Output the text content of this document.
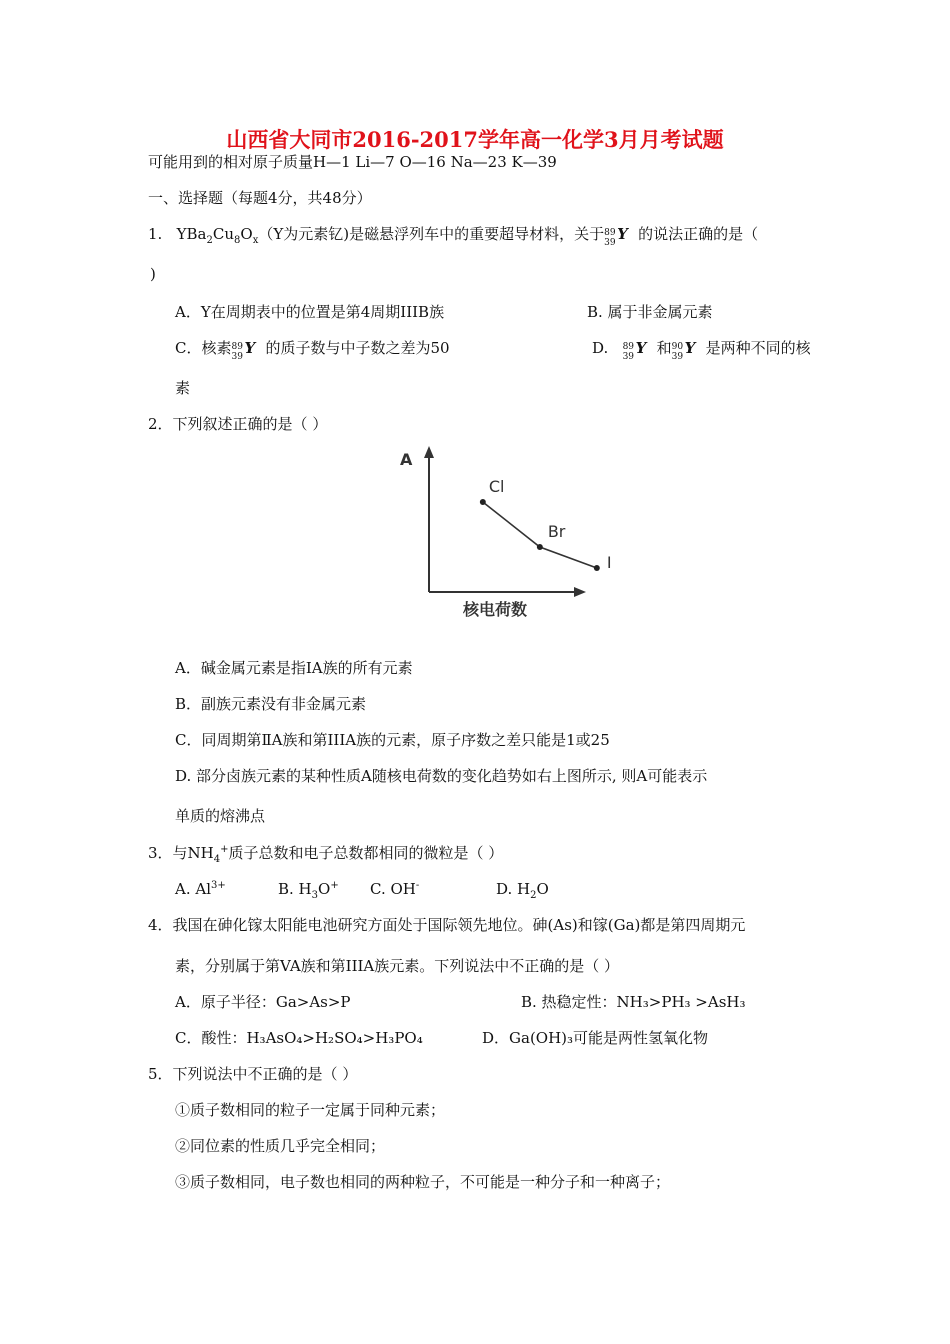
山西省大同市2016-2017学年高一化学3月月考试题
可能用到的相对原子质量H—1 Li—7 O—16 Na—23 K—39
一、选择题（每题4分，共48分）
1. $YBa_2Cu_8O_x(Y$为元素钇)是磁悬浮列车中的重要超导材料，关于 89
39 Y 的说法正确的是（
)
A．Y在周期表中的位置是第4周期IIIB族	B. 属于非金属元素
C．核素 89
39 Y 的质子数与中子数之差为50	D. 89
39 Y 和 90
39 Y 是两种不同的核
素
2．下列叙述正确的是（ ）
A
核电荷数
Cl
Br
I
A．碱金属元素是指IA族的所有元素
B．副族元素没有非金属元素
C．同周期第ⅡA族和第IIIA族的元素，原子序数之差只能是1或25
D. 部分卤族元素的某种性质A随核电荷数的变化趋势如右上图所示, 则A可能表示
单质的熔沸点
3．与$NH_4^+$质子总数和电子总数都相同的微粒是（ ）
A. $Al^{3+}$	B. $H_3O^+$ C. OH-	D. $H_2O$
4．我国在砷化镓太阳能电池研究方面处于国际领先地位。砷(As)和镓(Ga)都是第四周期元
素，分别属于第VA族和第IIIA族元素。下列说法中不正确的是（ ）
A．原子半径：Ga>As>P	B. 热稳定性：NH₃>PH₃ >AsH₃
C．酸性：H₃AsO₄>H₂SO₄>H₃PO₄	D．Ga(OH)₃可能是两性氢氧化物
5．下列说法中不正确的是（ ）
①质子数相同的粒子一定属于同种元素；
②同位素的性质几乎完全相同；
③质子数相同，电子数也相同的两种粒子，不可能是一种分子和一种离子；
